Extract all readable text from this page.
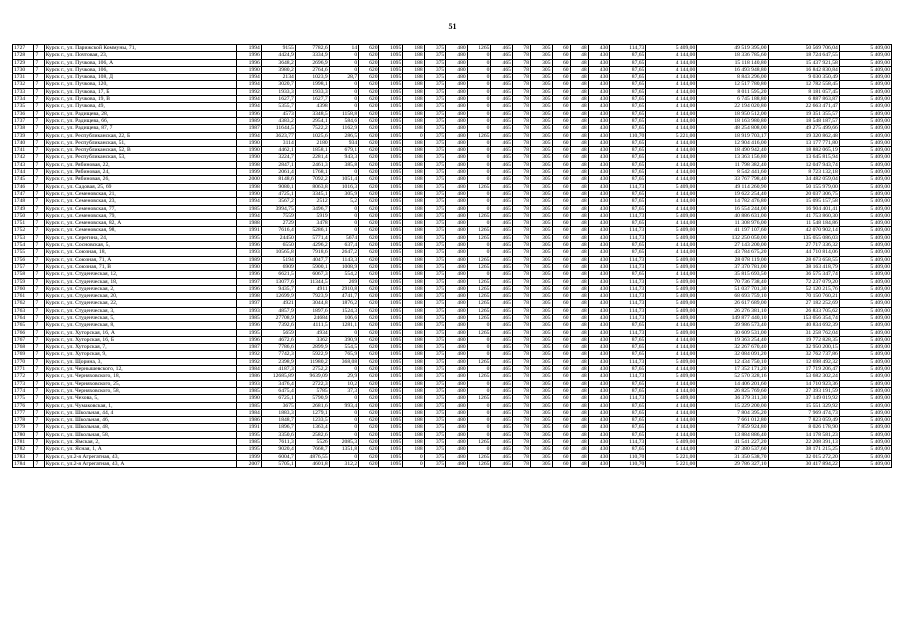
51
1727	7	Курск г., ул. Парижской Коммуны, 71,	1994	9155	7782,6	14	620	1095	188	375	480	1265	465	78	305	60	48	430	114,73	5 409,00	49 519 395,00	50 569 706,04	5 409,00
1728	7	Курск г., ул. Почтовая, 23,	1996	4424,9	3334,9	0	620	1095	188	375	480	0	465	78	305	60	48	430	87,65	4 144,00	18 336 785,60	18 724 647,55	5 409,00
1729	7	Курск г., ул. Пучкова, 106, А	1996	3648,2	2696,9	0	620	1095	188	375	480	0	465	78	305	60	48	430	87,65	4 144,00	15 118 140,80	15 437 921,58	5 409,00
1730	7	Курск г., ул. Пучкова, 106,	1990	3980,2	2764,6	0	620	1095	188	375	480	0	465	78	305	60	48	430	87,65	4 144,00	16 493 948,80	16 842 830,84	5 409,00
1731	7	Курск г., ул. Пучкова, 108, Д	1994	2134	1023,9	28,7	620	1095	188	375	480	0	465	78	305	60	48	430	87,65	4 144,00	8 843 296,00	9 030 350,49	5 409,00
1732	7	Курск г., ул. Пучкова, 120,	1994	3020,7	1998,1	0	620	1095	188	375	480	0	465	78	305	60	48	430	87,65	4 144,00	12 517 780,80	12 782 558,45	5 409,00
1733	7	Курск г., ул. Пучкова, 17, Б	1992	1933,3	1933,3	0	620	1095	188	375	480	0	465	78	305	60	48	430	87,65	4 144,00	8 011 595,20	8 181 057,45	5 409,00
1734	7	Курск г., ул. Пучкова, 19, В	1994	1627,7	1627,7	0	620	1095	188	375	480	0	465	78	305	60	48	430	87,65	4 144,00	6 745 188,80	6 887 863,87	5 409,00
1735	7	Курск г., ул. Пучкова, 49,	1994	5355,7	4398	0	620	1095	188	375	480	0	465	78	305	60	48	430	87,65	4 144,00	22 194 020,80	22 663 471,47	5 409,00
1736	7	Курск г., ул. Радищева, 28,	1996	4573	3348,5	1158,8	620	1095	188	375	480	0	465	78	305	60	48	430	87,65	4 144,00	18 950 512,00	19 351 355,57	5 409,00
1737	7	Курск г., ул. Радищева, 66,	1989	4383,2	2954,1	584,6	620	1095	188	375	480	0	465	78	305	60	48	430	87,65	4 144,00	18 163 980,80	18 548 187,57	5 409,00
1738	7	Курск г., ул. Радищева, 87, 7	1987	11644,5	7522,2	1162,9	620	1095	188	375	480	0	465	78	305	60	48	430	87,65	4 144,00	48 254 808,00	49 275 499,66	5 409,00
1739	7	Курск г., ул. Республиканская, 22, Б	1994	3623,77	1025,6	286,5	620	1095	0	375	480	1265	465	78	305	60	48	430	110,70	5 221,00	18 919 703,17	19 320 862,48	5 409,00
1740	7	Курск г., ул. Республиканская, 51,	1990	3114	2180	934	620	1095	188	375	480	0	465	78	305	60	48	430	87,65	4 144,00	12 904 416,00	13 177 771,80	5 409,00
1741	7	Курск г., ул. Республиканская, 52, В	1990	4462,1	1858,1	679,1	620	1095	188	375	480	0	465	78	305	60	48	430	87,65	4 144,00	18 490 942,40	18 882 065,19	5 409,00
1742	7	Курск г., ул. Республиканская, 53,	1990	3224,7	2281,4	943,3	620	1095	188	375	480	0	465	78	305	60	48	430	87,65	4 144,00	13 363 156,80	13 645 815,94	5 409,00
1743	7	Курск г., ул. Рябиновая, 22,	1998	2847,1	2461,3	385,8	620	1095	188	375	480	0	465	78	305	60	48	430	87,65	4 144,00	11 798 382,40	12 047 943,74	5 409,00
1744	7	Курск г., ул. Рябиновая, 24,	1999	2061,4	1768,1	0	620	1095	188	375	480	0	465	78	305	60	48	430	87,65	4 144,00	8 542 441,60	8 723 132,18	5 409,00
1745	7	Курск г., ул. Рябиновая, 26,	2000	8148,6	7092,2	1051,4	620	1095	188	375	480	0	465	78	305	60	48	430	87,65	4 144,00	33 767 798,40	34 482 059,04	5 409,00
1746	7	Курск г., ул. Садовая, 25, 69	1998	9080,1	8063,8	1016,3	620	1095	188	375	480	1265	465	78	305	60	48	430	114,73	5 409,00	49 114 260,90	50 155 979,00	5 409,00
1747	7	Курск г., ул. Семеновская, 21,	1990	4725,1	3345,1	305,9	620	1095	188	375	480	0	465	78	305	60	48	430	87,65	4 144,00	19 622 254,40	20 037 306,75	5 409,00
1748	7	Курск г., ул. Семеновская, 23,	1994	3567,2	2512	5,2	620	1095	188	375	480	0	465	78	305	60	48	430	87,65	4 144,00	14 782 476,80	15 095 157,58	5 409,00
1749	7	Курск г., ул. Семеновская, 77,	1985	3994,75	3496,7	0	620	1095	188	375	480	0	465	78	305	60	48	430	87,65	4 144,00	16 554 244,00	16 904 401,41	5 409,00
1750	7	Курск г., ул. Семеновская, 79,	1994	7559	5919	0	620	1095	188	375	480	1265	465	78	305	60	48	430	114,73	5 409,00	40 886 631,00	41 753 860,30	5 409,00
1751	7	Курск г., ул. Семеновская, 82, А	1988	2729	3478	0	620	1095	188	375	480	0	465	78	305	60	48	430	87,65	4 144,00	11 308 976,00	11 548 184,86	5 409,00
1752	7	Курск г., ул. Семеновская, 98,	1991	7616,4	5286,1	0	620	1095	188	375	480	1265	465	78	305	60	48	430	114,73	5 409,00	41 197 107,60	42 070 902,14	5 409,00
1753	7	Курск г., ул. Серегина, 24,	1995	24450	5771,4	5674	620	1095	188	375	480	1265	465	78	305	60	48	430	114,73	5 409,00	132 250 050,00	135 055 086,03	5 409,00
1754	7	Курск г., ул. Сосновская, 5,	1996	6550	4296,2	637,4	620	1095	188	375	480	0	465	78	305	60	48	430	87,65	4 144,00	27 143 200,00	27 717 336,32	5 409,00
1755	7	Курск г., ул. Союзная, 18,	1993	10565,8	7918,6	2647,2	620	1095	188	375	480	0	465	78	305	60	48	430	87,65	4 144,00	43 784 675,20	44 710 814,06	5 409,00
1756	7	Курск г., ул. Союзная, 71, А	1989	5194	4047,7	1143,3	620	1095	188	375	480	1265	465	78	305	60	48	430	114,73	5 409,00	28 078 119,00	28 673 658,55	5 409,00
1757	7	Курск г., ул. Союзная, 71, В	1990	6909	5900,1	1008,9	620	1095	188	375	480	1265	465	78	305	60	48	430	114,73	5 409,00	37 370 781,00	38 163 418,79	5 409,00
1758	7	Курск г., ул. Студенческая, 12,	1996	6621,5	6067,3	554,2	620	1095	188	375	480	0	465	78	305	60	48	430	87,65	4 144,00	35 815 693,50	36 575 347,74	5 409,00
1759	7	Курск г., ул. Студенческая, 18,	1997	13077,6	11344,5	269	620	1095	188	375	480	1265	465	78	305	60	48	430	114,73	5 409,00	70 736 738,40	72 237 079,20	5 409,00
1760	7	Курск г., ул. Студенческая, 2,	1996	9435,7	4911	2910,8	620	1095	188	375	480	1265	465	78	305	60	48	430	114,73	5 409,00	51 037 701,30	52 120 215,76	5 409,00
1761	7	Курск г., ул. Студенческая, 20,	1998	12699,9	7923,9	4741,7	620	1095	188	375	480	1265	465	78	305	60	48	430	114,73	5 409,00	68 693 759,10	70 150 760,21	5 409,00
1762	7	Курск г., ул. Студенческая, 22,	1997	4921	3044,8	1876,2	620	1095	188	375	480	1265	465	78	305	60	48	430	114,73	5 409,00	26 617 689,00	27 182 252,69	5 409,00
1763	7	Курск г., ул. Студенческая, 3,	1993	4857,9	1897,6	1524,3	620	1095	188	375	480	1265	465	78	305	60	48	430	114,73	5 409,00	26 276 381,10	26 833 705,62	5 409,00
1764	7	Курск г., ул. Студенческая, 5,	1985	27708,9	24684	106,6	620	1095	188	375	480	1265	465	78	305	60	48	430	114,73	5 409,00	149 877 440,10	153 056 354,74	5 409,00
1765	7	Курск г., ул. Студенческая, 8,	1996	7392,6	4111,5	1281,1	620	1095	188	375	480	0	465	78	305	60	48	430	87,65	4 144,00	39 986 573,40	40 834 692,39	5 409,00
1766	7	Курск г., ул. Хуторская, 16, А	1995	5659	4934	0	620	1095	188	375	480	1265	465	78	305	60	48	430	114,73	5 409,00	30 609 531,00	31 258 762,04	5 409,00
1767	7	Курск г., ул. Хуторская, 16, Б	1996	4672,6	3362	390,9	620	1095	188	375	480	0	465	78	305	60	48	430	87,65	4 144,00	19 363 254,40	19 772 828,35	5 409,00
1768	7	Курск г., ул. Хуторская, 7,	1987	7786,6	2899,9	554,5	620	1095	188	375	480	0	465	78	305	60	48	430	87,65	4 144,00	32 267 670,40	32 950 200,15	5 409,00
1769	7	Курск г., ул. Хуторская, 9,	1992	7742,3	5922,9	765,9	620	1095	188	375	480	0	465	78	305	60	48	430	87,65	4 144,00	32 084 091,20	32 762 737,86	5 409,00
1770	7	Курск г., ул. Щорина, 3,	1992	2398,9	11980,2	368,08	620	1095	188	375	480	1265	465	78	305	60	48	430	114,73	5 409,00	12 434 750,10	12 698 492,32	5 409,00
1771	7	Курск г., ул. Чернышевского, 12,	1984	4187,3	2752,2	0	620	1095	188	375	480	0	465	78	305	60	48	430	87,65	4 144,00	17 352 171,20	17 719 206,47	5 409,00
1772	7	Курск г., ул. Черняховского, 18,	1986	12685,89	9639,09	29,9	620	1095	188	375	480	1265	465	78	305	60	48	430	114,73	5 409,00	52 570 328,16	53 682 302,24	5 409,00
1773	7	Курск г., ул. Черняховского, 25,	1993	3476,4	2722,3	10,2	620	1095	188	375	480	0	465	78	305	60	48	430	87,65	4 144,00	14 406 201,60	14 710 923,36	5 409,00
1774	7	Курск г., ул. Черняховского, 58,	1985	6475,4	5785	37,3	620	1095	188	375	480	0	465	78	305	60	48	430	87,65	4 144,00	26 825 769,60	27 393 191,59	5 409,00
1775	7	Курск г., ул. Чехова, 5,	1990	6725,1	5790,9	0	620	1095	188	375	480	1265	465	78	305	60	48	430	114,73	5 409,00	36 379 311,30	37 149 019,92	5 409,00
1776	7	Курск г., ул. Чумаковская, 1,	1985	3675	2681,6	993,4	620	1095	188	375	480	0	465	78	305	60	48	430	87,65	4 144,00	15 229 200,00	15 551 329,92	5 409,00
1777	7	Курск г., ул. Школьная, 44, 4	1984	1883,3	1279,1	0	620	1095	188	375	480	0	465	78	305	60	48	430	87,65	4 144,00	7 804 395,20	7 969 474,73	5 409,00
1778	7	Курск г., ул. Школьная, 46,	1986	1848,7	1233,5	0	620	1095	188	375	480	0	465	78	305	60	48	430	87,65	4 144,00	7 661 012,80	7 823 059,49	5 409,00
1779	7	Курск г., ул. Школьная, 48,	1991	1896,7	1363,4	0	620	1095	188	375	480	0	465	78	305	60	48	430	87,65	4 144,00	7 859 924,80	8 026 178,90	5 409,00
1780	7	Курск г., ул. Школьная, 58,	1995	3350,6	2582,6	0	620	1095	188	375	480	0	465	78	305	60	48	430	87,65	4 144,00	13 884 886,40	14 178 581,23	5 409,00
1781	7	Курск г., ул. Ямская, 2,	1985	7611,3	5526	2085,3	620	1095	188	375	480	1265	465	78	305	60	48	430	114,73	5 409,00	41 541 227,20	22 208 391,13	5 409,00
1782	7	Курск г., ул. Ясная, 1, А	1995	9020,4	7668,7	1351,8	620	1095	188	375	480	0	465	78	305	60	48	430	87,65	4 144,00	37 380 537,60	38 171 215,25	5 409,00
1783	7	Курск г., ул.2-я Агрегатная, 43,	1999	6004,7	4876,55	0	620	1095	0	375	480	1265	465	78	305	60	48	430	110,70	5 221,00	31 350 538,70	32 015 272,20	5 409,00
1784	7	Курск г., ул.2-я Агрегатная, 43, А	2007	5705,1	4601,8	312,2	620	1095	0	375	480	1265	465	78	305	60	48	430	110,70	5 221,00	29 786 327,10	30 417 894,22	5 409,00
